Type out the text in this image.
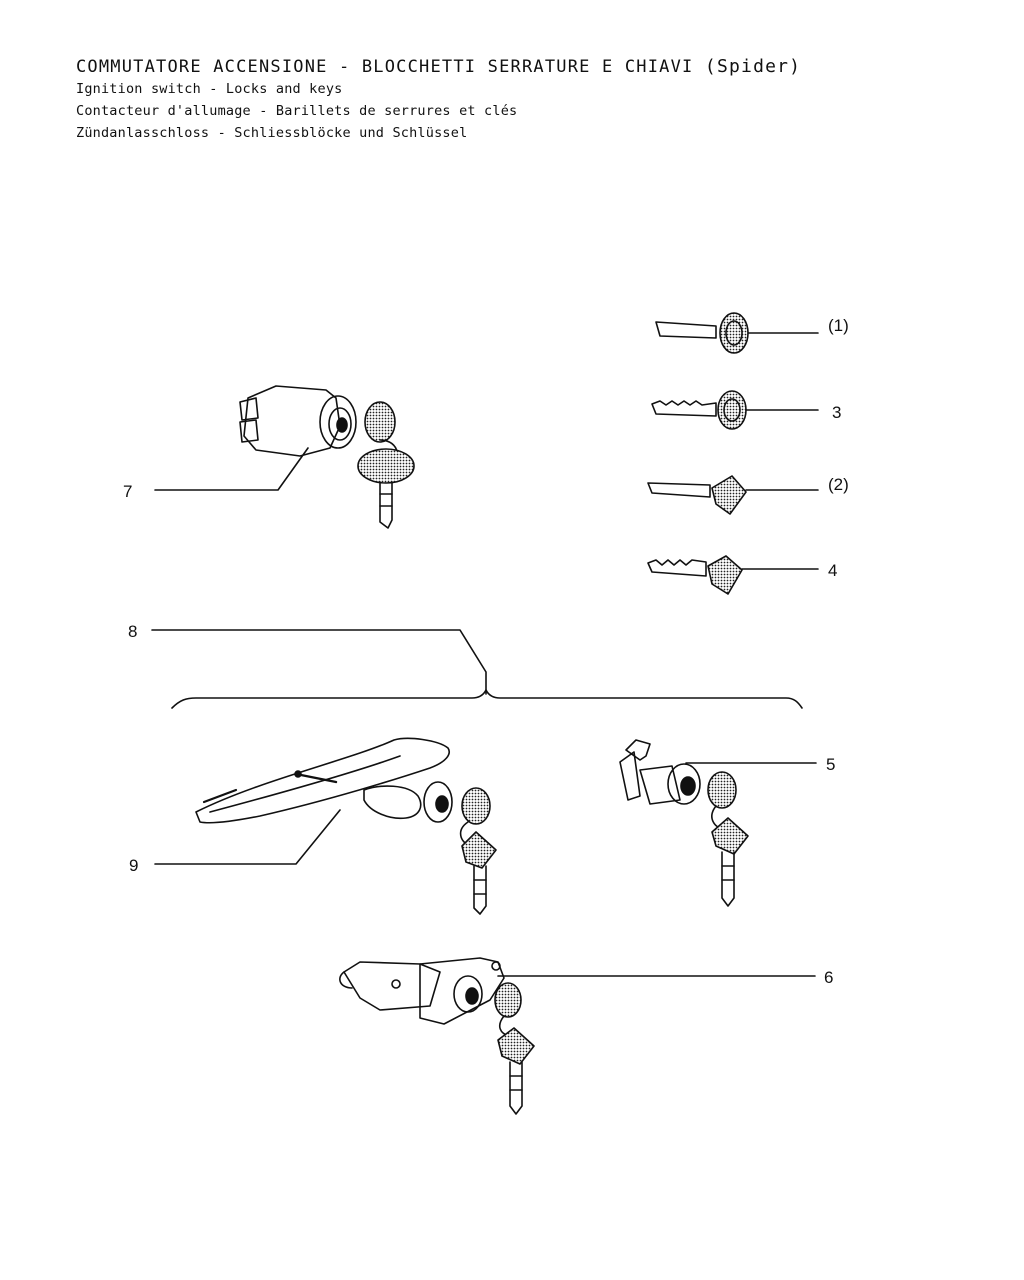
COMMUTATORE ACCENSIONE - BLOCCHETTI SERRATURE E CHIAVI (Spider)
Ignition switch - Locks and keys
Contacteur d'allumage - Barillets de serrures et clés
Zündanlasschloss - Schliessblöcke und Schlüssel
(1)
3
(2)
4
7
8
5
9
6
